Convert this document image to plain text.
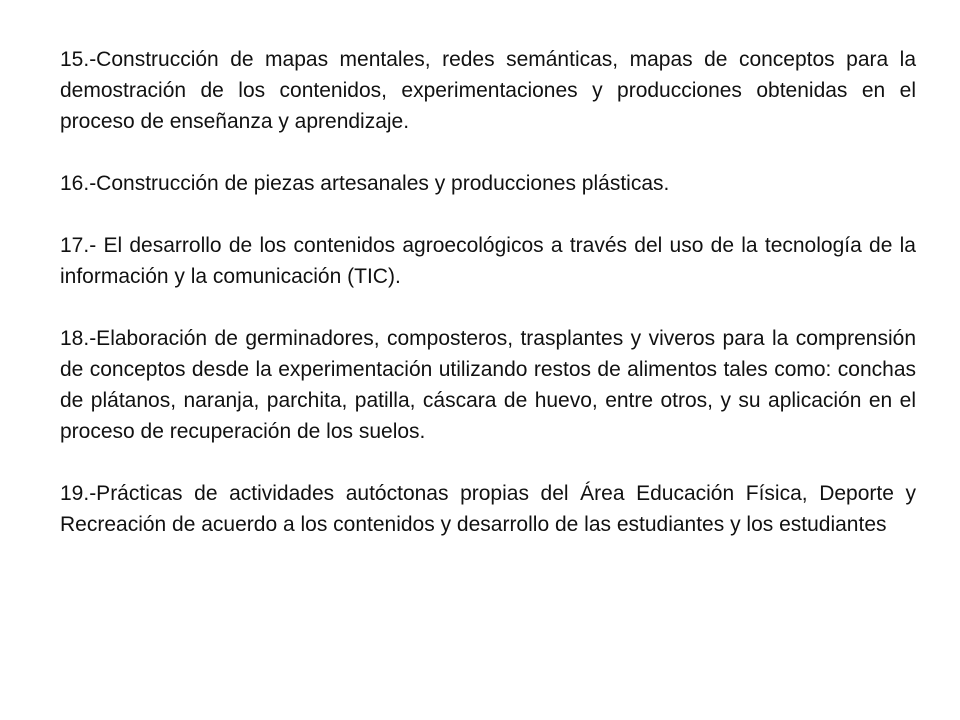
15.-Construcción de mapas mentales, redes semánticas, mapas de conceptos para la demostración de los contenidos, experimentaciones y producciones obtenidas en el proceso de enseñanza y aprendizaje.

16.-Construcción de piezas artesanales y producciones plásticas.

17.- El desarrollo de los contenidos agroecológicos a través del uso de la tecnología de la información y la comunicación (TIC).

18.-Elaboración de germinadores, composteros, trasplantes y viveros para la comprensión de conceptos desde la experimentación utilizando restos de alimentos tales como: conchas de plátanos, naranja, parchita, patilla, cáscara de huevo, entre otros, y su aplicación en el proceso de recuperación de los suelos.

19.-Prácticas de actividades autóctonas propias del Área Educación Física, Deporte y Recreación de acuerdo a los contenidos y desarrollo de las estudiantes y los estudiantes
